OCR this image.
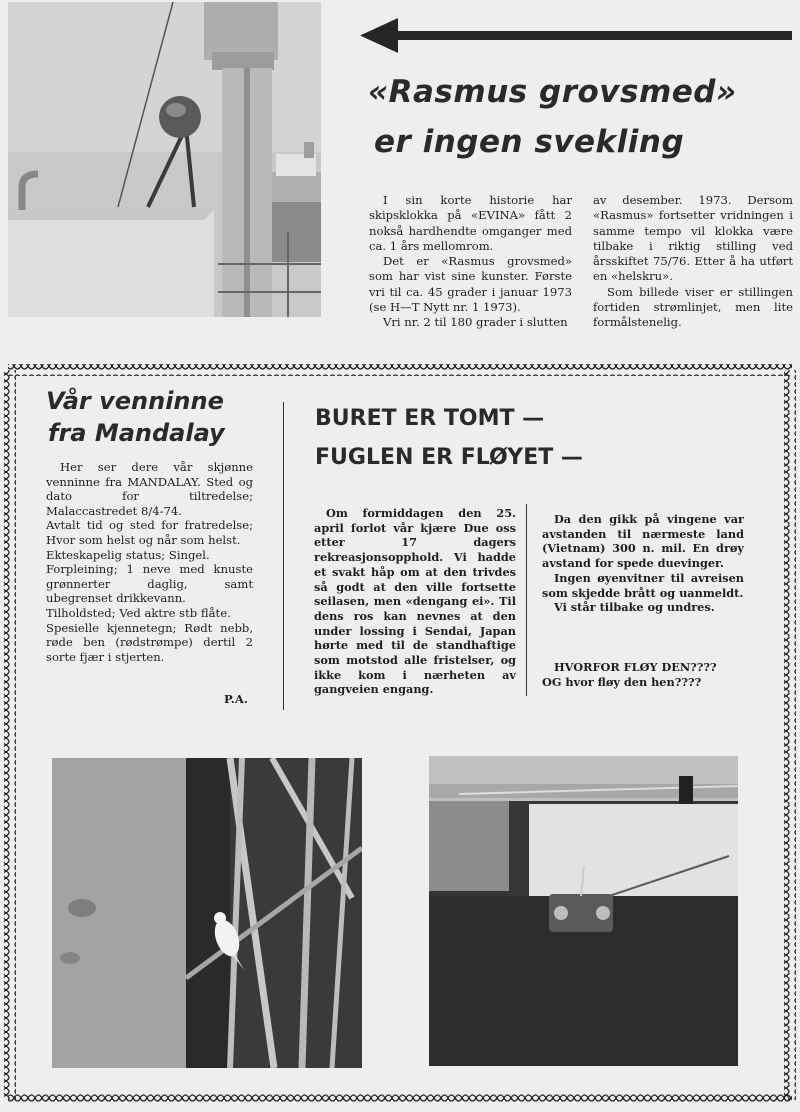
«Rasmus grovsmed»
er ingen svekling

I sin korte historie har skipsklokka på «EVINA» fått 2 nokså hardhendte omganger med ca. 1 års mellomrom.

Det er «Rasmus grovsmed» som har vist sine kunster. Første vri til ca. 45 grader i januar 1973 (se H—T Nytt nr. 1 1973).

Vri nr. 2 til 180 grader i slutten

av desember. 1973. Dersom «Rasmus» fortsetter vridningen i samme tempo vil klokka være tilbake i riktig stilling ved årsskiftet 75/76. Etter å ha utført en «helskru».

Som billede viser er stillingen fortiden strømlinjet, men lite formålstenelig.

Vår venninne
fra Mandalay

Her ser dere vår skjønne venninne fra MANDALAY. Sted og dato for tiltredelse; Malaccastredet 8/4-74.

Avtalt tid og sted for fratredelse; Hvor som helst og når som helst.

Ekteskapelig status; Singel.

Forpleining; 1 neve med knuste grønnerter daglig, samt ubegrenset drikkevann.

Tilholdsted; Ved aktre stb flåte.

Spesielle kjennetegn; Rødt nebb, røde ben (rødstrømpe) dertil 2 sorte fjær i stjerten.

P.A.
BURET ER TOMT —
FUGLEN ER FLØYET —

Om formiddagen den 25. april forlot vår kjære Due oss etter 17 dagers rekreasjonsopphold. Vi hadde et svakt håp om at den trivdes så godt at den ville fortsette seilasen, men «dengang ei». Til dens ros kan nevnes at den under lossing i Sendai, Japan hørte med til de standhaftige som motstod alle fristelser, og ikke kom i nærheten av gangveien engang.

Da den gikk på vingene var avstanden til nærmeste land (Vietnam) 300 n. mil. En drøy avstand for spede duevinger.

Ingen øyenvitner til avreisen som skjedde brått og uanmeldt.

Vi står tilbake og undres.

HVORFOR FLØY DEN????
OG hvor fløy den hen????
